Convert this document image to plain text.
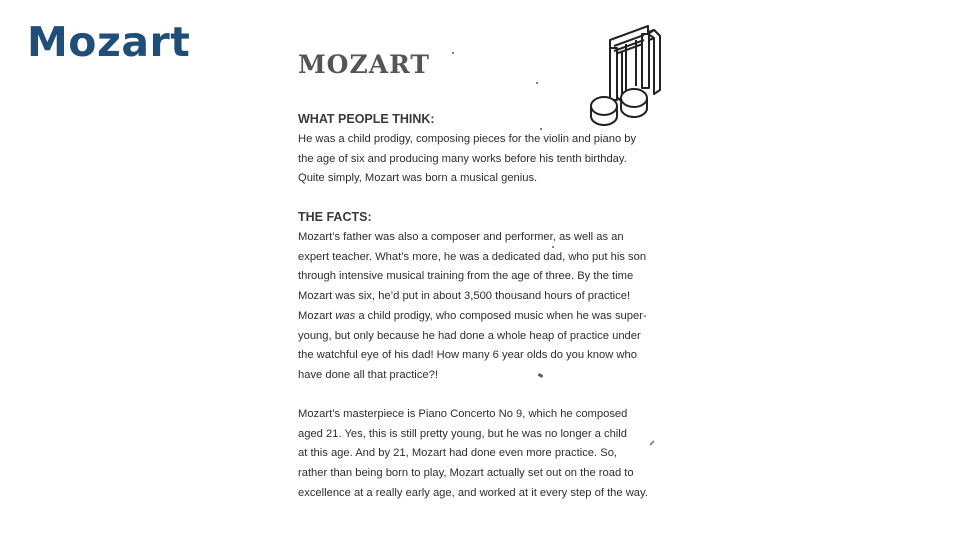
Mozart	MOZART
WHAT PEOPLE THINK:

He was a child prodigy, composing pieces for the violin and piano by
the age of six and producing many works before his tenth birthday.
Quite simply, Mozart was born a musical genius.

THE FACTS:

Mozart’s father was also a composer and performer, as well as an
expert teacher. What’s more, he was a dedicated dad, who put his son
through intensive musical training from the age of three. By the time
Mozart was six, he’d put in about 3,500 thousand hours of practice!
Mozart was a child prodigy, who composed music when he was super-
young, but only because he had done a whole heap of practice under
the watchful eye of his dad! How many 6 year olds do you know who
have done all that practice?!

Mozart’s masterpiece is Piano Concerto No 9, which he composed
aged 21. Yes, this is still pretty young, but he was no longer a child
at this age. And by 21, Mozart had done even more practice. So,
rather than being born to play, Mozart actually set out on the road to
excellence at a really early age, and worked at it every step of the way.
